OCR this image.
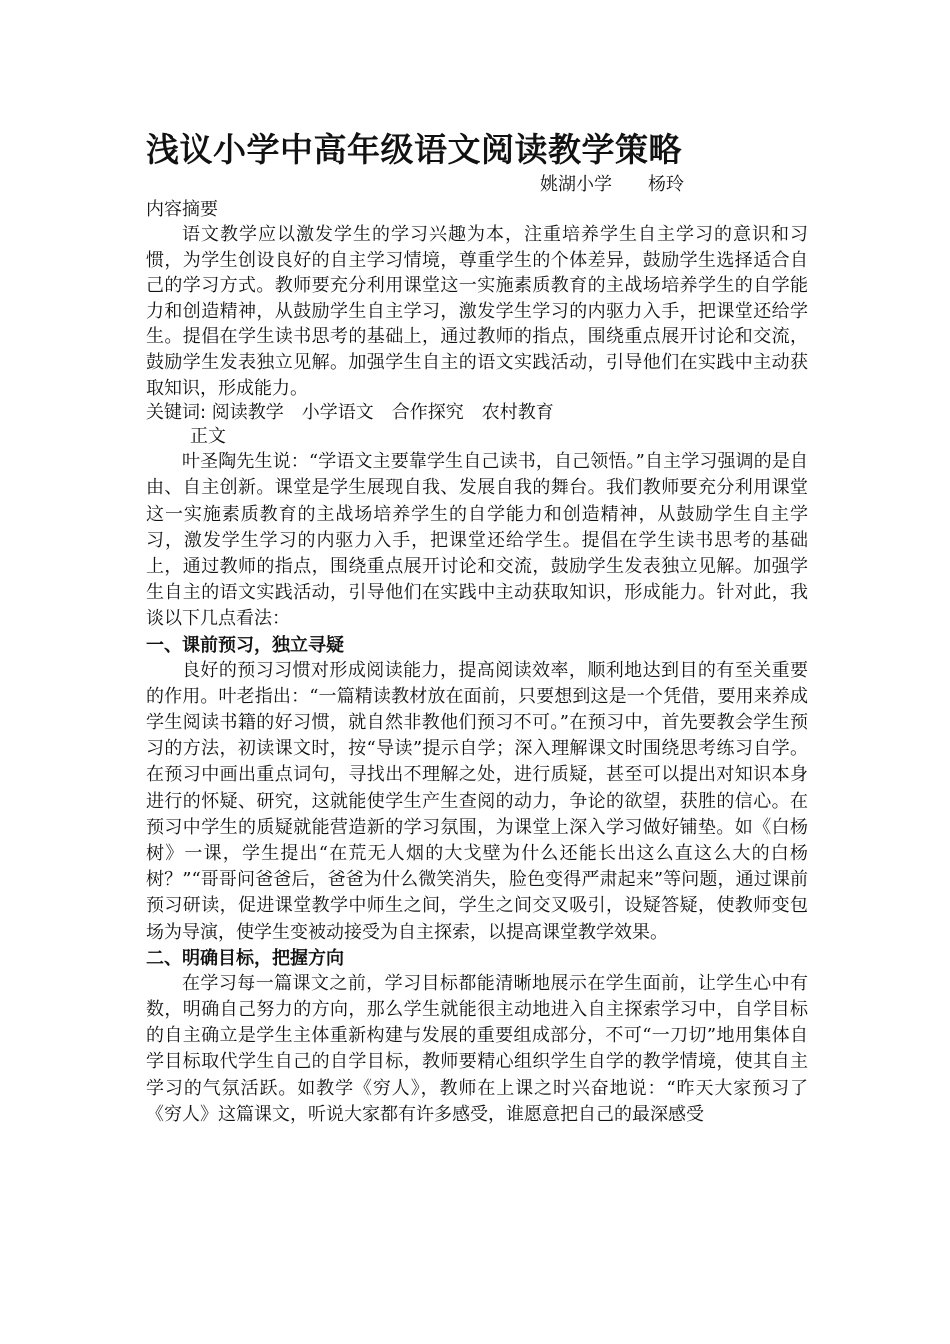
浅议小学中高年级语文阅读教学策略

姚湖小学　　杨玲

内容摘要

语文教学应以激发学生的学习兴趣为本，注重培养学生自主学习的意识和习惯，为学生创设良好的自主学习情境，尊重学生的个体差异，鼓励学生选择适合自己的学习方式。教师要充分利用课堂这一实施素质教育的主战场培养学生的自学能力和创造精神，从鼓励学生自主学习，激发学生学习的内驱力入手，把课堂还给学生。提倡在学生读书思考的基础上，通过教师的指点，围绕重点展开讨论和交流，鼓励学生发表独立见解。加强学生自主的语文实践活动，引导他们在实践中主动获取知识，形成能力。

关键词: 阅读教学　小学语文　合作探究　农村教育

正文

叶圣陶先生说：“学语文主要靠学生自己读书，自己领悟。”自主学习强调的是自由、自主创新。课堂是学生展现自我、发展自我的舞台。我们教师要充分利用课堂这一实施素质教育的主战场培养学生的自学能力和创造精神，从鼓励学生自主学习，激发学生学习的内驱力入手，把课堂还给学生。提倡在学生读书思考的基础上，通过教师的指点，围绕重点展开讨论和交流，鼓励学生发表独立见解。加强学生自主的语文实践活动，引导他们在实践中主动获取知识，形成能力。针对此，我谈以下几点看法：

一、课前预习，独立寻疑

良好的预习习惯对形成阅读能力，提高阅读效率，顺利地达到目的有至关重要的作用。叶老指出：“一篇精读教材放在面前，只要想到这是一个凭借，要用来养成学生阅读书籍的好习惯，就自然非教他们预习不可。”在预习中，首先要教会学生预习的方法，初读课文时，按“导读”提示自学；深入理解课文时围绕思考练习自学。在预习中画出重点词句，寻找出不理解之处，进行质疑，甚至可以提出对知识本身进行的怀疑、研究，这就能使学生产生查阅的动力，争论的欲望，获胜的信心。在预习中学生的质疑就能营造新的学习氛围，为课堂上深入学习做好铺垫。如《白杨树》一课，学生提出“在荒无人烟的大戈壁为什么还能长出这么直这么大的白杨树？”“哥哥问爸爸后，爸爸为什么微笑消失，脸色变得严肃起来”等问题，通过课前预习研读，促进课堂教学中师生之间，学生之间交叉吸引，设疑答疑，使教师变包场为导演，使学生变被动接受为自主探索，以提高课堂教学效果。

二、明确目标，把握方向

在学习每一篇课文之前，学习目标都能清晰地展示在学生面前，让学生心中有数，明确自己努力的方向，那么学生就能很主动地进入自主探索学习中，自学目标的自主确立是学生主体重新构建与发展的重要组成部分，不可“一刀切”地用集体自学目标取代学生自己的自学目标，教师要精心组织学生自学的教学情境，使其自主学习的气氛活跃。如教学《穷人》，教师在上课之时兴奋地说：“昨天大家预习了《穷人》这篇课文，听说大家都有许多感受，谁愿意把自己的最深感受
